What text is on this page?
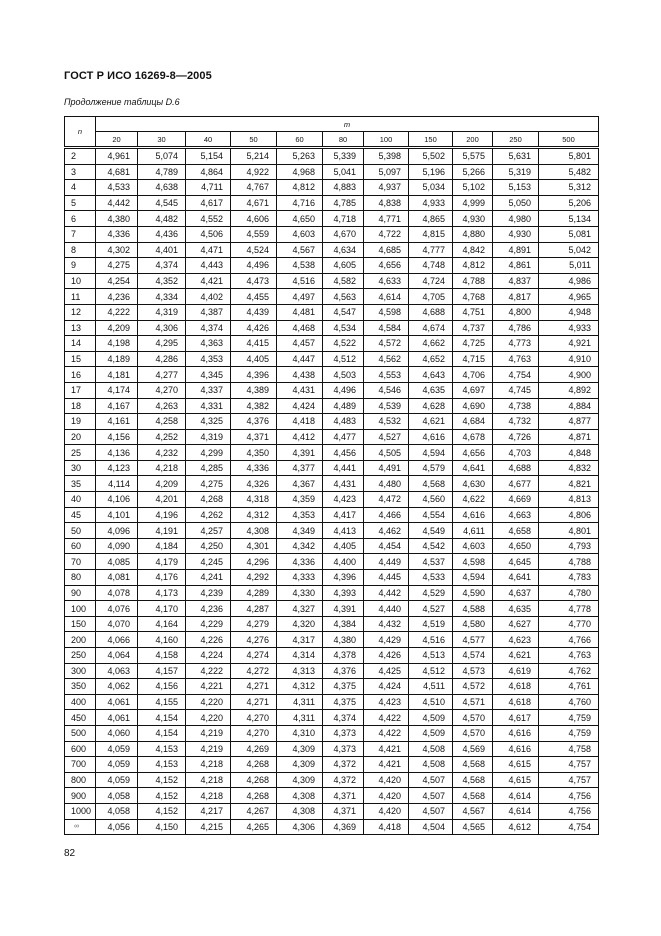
ГОСТ Р ИСО 16269-8—2005
Продолжение таблицы D.6
n	m										
	20	30	40	50	60	80	100	150	200	250	500
2	4,961	5,074	5,154	5,214	5,263	5,339	5,398	5,502	5,575	5,631	5,801
3	4,681	4,789	4,864	4,922	4,968	5,041	5,097	5,196	5,266	5,319	5,482
4	4,533	4,638	4,711	4,767	4,812	4,883	4,937	5,034	5,102	5,153	5,312
5	4,442	4,545	4,617	4,671	4,716	4,785	4,838	4,933	4,999	5,050	5,206
6	4,380	4,482	4,552	4,606	4,650	4,718	4,771	4,865	4,930	4,980	5,134
7	4,336	4,436	4,506	4,559	4,603	4,670	4,722	4,815	4,880	4,930	5,081
8	4,302	4,401	4,471	4,524	4,567	4,634	4,685	4,777	4,842	4,891	5,042
9	4,275	4,374	4,443	4,496	4,538	4,605	4,656	4,748	4,812	4,861	5,011
10	4,254	4,352	4,421	4,473	4,516	4,582	4,633	4,724	4,788	4,837	4,986
11	4,236	4,334	4,402	4,455	4,497	4,563	4,614	4,705	4,768	4,817	4,965
12	4,222	4,319	4,387	4,439	4,481	4,547	4,598	4,688	4,751	4,800	4,948
13	4,209	4,306	4,374	4,426	4,468	4,534	4,584	4,674	4,737	4,786	4,933
14	4,198	4,295	4,363	4,415	4,457	4,522	4,572	4,662	4,725	4,773	4,921
15	4,189	4,286	4,353	4,405	4,447	4,512	4,562	4,652	4,715	4,763	4,910
16	4,181	4,277	4,345	4,396	4,438	4,503	4,553	4,643	4,706	4,754	4,900
17	4,174	4,270	4,337	4,389	4,431	4,496	4,546	4,635	4,697	4,745	4,892
18	4,167	4,263	4,331	4,382	4,424	4,489	4,539	4,628	4,690	4,738	4,884
19	4,161	4,258	4,325	4,376	4,418	4,483	4,532	4,621	4,684	4,732	4,877
20	4,156	4,252	4,319	4,371	4,412	4,477	4,527	4,616	4,678	4,726	4,871
25	4,136	4,232	4,299	4,350	4,391	4,456	4,505	4,594	4,656	4,703	4,848
30	4,123	4,218	4,285	4,336	4,377	4,441	4,491	4,579	4,641	4,688	4,832
35	4,114	4,209	4,275	4,326	4,367	4,431	4,480	4,568	4,630	4,677	4,821
40	4,106	4,201	4,268	4,318	4,359	4,423	4,472	4,560	4,622	4,669	4,813
45	4,101	4,196	4,262	4,312	4,353	4,417	4,466	4,554	4,616	4,663	4,806
50	4,096	4,191	4,257	4,308	4,349	4,413	4,462	4,549	4,611	4,658	4,801
60	4,090	4,184	4,250	4,301	4,342	4,405	4,454	4,542	4,603	4,650	4,793
70	4,085	4,179	4,245	4,296	4,336	4,400	4,449	4,537	4,598	4,645	4,788
80	4,081	4,176	4,241	4,292	4,333	4,396	4,445	4,533	4,594	4,641	4,783
90	4,078	4,173	4,239	4,289	4,330	4,393	4,442	4,529	4,590	4,637	4,780
100	4,076	4,170	4,236	4,287	4,327	4,391	4,440	4,527	4,588	4,635	4,778
150	4,070	4,164	4,229	4,279	4,320	4,384	4,432	4,519	4,580	4,627	4,770
200	4,066	4,160	4,226	4,276	4,317	4,380	4,429	4,516	4,577	4,623	4,766
250	4,064	4,158	4,224	4,274	4,314	4,378	4,426	4,513	4,574	4,621	4,763
300	4,063	4,157	4,222	4,272	4,313	4,376	4,425	4,512	4,573	4,619	4,762
350	4,062	4,156	4,221	4,271	4,312	4,375	4,424	4,511	4,572	4,618	4,761
400	4,061	4,155	4,220	4,271	4,311	4,375	4,423	4,510	4,571	4,618	4,760
450	4,061	4,154	4,220	4,270	4,311	4,374	4,422	4,509	4,570	4,617	4,759
500	4,060	4,154	4,219	4,270	4,310	4,373	4,422	4,509	4,570	4,616	4,759
600	4,059	4,153	4,219	4,269	4,309	4,373	4,421	4,508	4,569	4,616	4,758
700	4,059	4,153	4,218	4,268	4,309	4,372	4,421	4,508	4,568	4,615	4,757
800	4,059	4,152	4,218	4,268	4,309	4,372	4,420	4,507	4,568	4,615	4,757
900	4,058	4,152	4,218	4,268	4,308	4,371	4,420	4,507	4,568	4,614	4,756
1000	4,058	4,152	4,217	4,267	4,308	4,371	4,420	4,507	4,567	4,614	4,756
∞	4,056	4,150	4,215	4,265	4,306	4,369	4,418	4,504	4,565	4,612	4,754
82
